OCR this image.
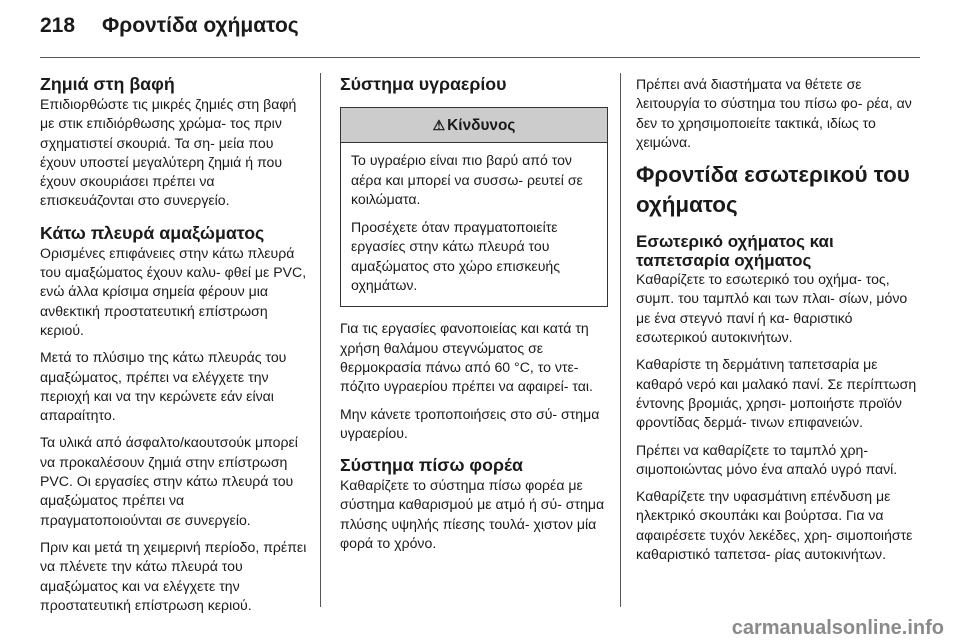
218 Φροντίδα οχήματος
Ζημιά στη βαφή

Επιδιορθώστε τις μικρές ζημιές στη βαφή με στικ επιδιόρθωσης χρώμα- τος πριν σχηματιστεί σκουριά. Τα ση- μεία που έχουν υποστεί μεγαλύτερη ζημιά ή που έχουν σκουριάσει πρέπει να επισκευάζονται στο συνεργείο.

Κάτω πλευρά αμαξώματος

Ορισμένες επιφάνειες στην κάτω πλευρά του αμαξώματος έχουν καλυ- φθεί με PVC, ενώ άλλα κρίσιμα σημεία φέρουν μια ανθεκτική προστατευτική επίστρωση κεριού.

Μετά το πλύσιμο της κάτω πλευράς του αμαξώματος, πρέπει να ελέγχετε την περιοχή και να την κερώνετε εάν είναι απαραίτητο.

Τα υλικά από άσφαλτο/καουτσούκ μπορεί να προκαλέσουν ζημιά στην επίστρωση PVC. Οι εργασίες στην κάτω πλευρά του αμαξώματος πρέπει να πραγματοποιούνται σε συνεργείο.

Πριν και μετά τη χειμερινή περίοδο, πρέπει να πλένετε την κάτω πλευρά του αμαξώματος και να ελέγχετε την προστατευτική επίστρωση κεριού.

Σύστημα υγραερίου
⚠ Κίνδυνος

Το υγραέριο είναι πιο βαρύ από τον αέρα και μπορεί να συσσω- ρευτεί σε κοιλώματα.

Προσέχετε όταν πραγματοποιείτε εργασίες στην κάτω πλευρά του αμαξώματος στο χώρο επισκευής οχημάτων.

Για τις εργασίες φανοποιείας και κατά τη χρήση θαλάμου στεγνώματος σε θερμοκρασία πάνω από 60 °C, το ντε- πόζιτο υγραερίου πρέπει να αφαιρεί- ται.

Μην κάνετε τροποποιήσεις στο σύ- στημα υγραερίου.

Σύστημα πίσω φορέα

Καθαρίζετε το σύστημα πίσω φορέα με σύστημα καθαρισμού με ατμό ή σύ- στημα πλύσης υψηλής πίεσης τουλά- χιστον μία φορά το χρόνο.

Πρέπει ανά διαστήματα να θέτετε σε λειτουργία το σύστημα του πίσω φο- ρέα, αν δεν το χρησιμοποιείτε τακτικά, ιδίως το χειμώνα.

Φροντίδα εσωτερικού του οχήματος
Εσωτερικό οχήματος και ταπετσαρία οχήματος

Καθαρίζετε το εσωτερικό του οχήμα- τος, συμπ. του ταμπλό και των πλαι- σίων, μόνο με ένα στεγνό πανί ή κα- θαριστικό εσωτερικού αυτοκινήτων.

Καθαρίστε τη δερμάτινη ταπετσαρία με καθαρό νερό και μαλακό πανί. Σε περίπτωση έντονης βρομιάς, χρησι- μοποιήστε προϊόν φροντίδας δερμά- τινων επιφανειών.

Πρέπει να καθαρίζετε το ταμπλό χρη- σιμοποιώντας μόνο ένα απαλό υγρό πανί.

Καθαρίζετε την υφασμάτινη επένδυση με ηλεκτρικό σκουπάκι και βούρτσα. Για να αφαιρέσετε τυχόν λεκέδες, χρη- σιμοποιήστε καθαριστικό ταπετσα- ρίας αυτοκινήτων.

carmanualsonline.info
